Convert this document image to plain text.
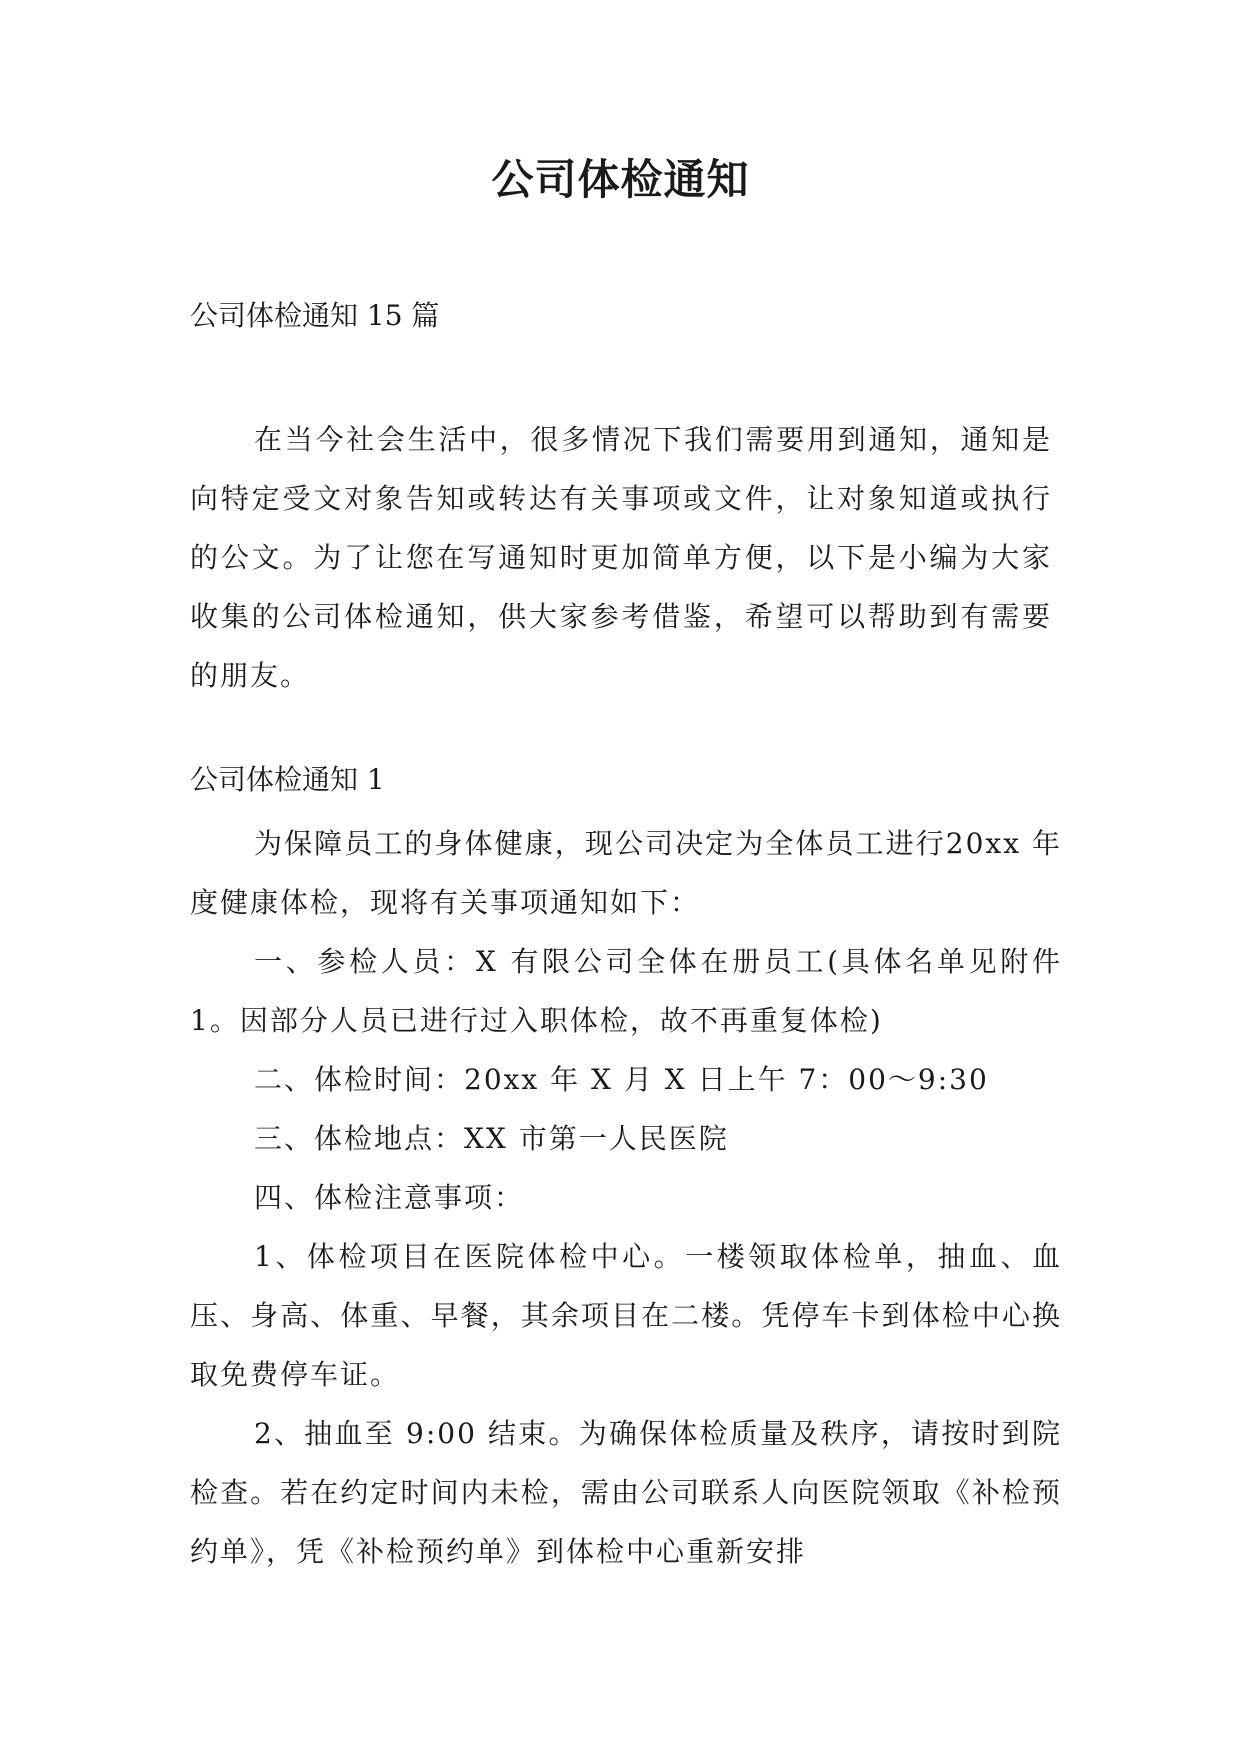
公司体检通知
公司体检通知 15 篇
在当今社会生活中，很多情况下我们需要用到通知，通知是向特定受文对象告知或转达有关事项或文件，让对象知道或执行的公文。为了让您在写通知时更加简单方便，以下是小编为大家收集的公司体检通知，供大家参考借鉴，希望可以帮助到有需要的朋友。
公司体检通知 1

为保障员工的身体健康，现公司决定为全体员工进行20xx 年度健康体检，现将有关事项通知如下：

一、参检人员：X 有限公司全体在册员工(具体名单见附件 1。因部分人员已进行过入职体检，故不再重复体检)

二、体检时间：20xx 年 X 月 X 日上午 7：00～9:30

三、体检地点：XX 市第一人民医院

四、体检注意事项：

1、体检项目在医院体检中心。一楼领取体检单，抽血、血压、身高、体重、早餐，其余项目在二楼。凭停车卡到体检中心换取免费停车证。

2、抽血至 9:00 结束。为确保体检质量及秩序，请按时到院检查。若在约定时间内未检，需由公司联系人向医院领取《补检预约单》，凭《补检预约单》到体检中心重新安排
